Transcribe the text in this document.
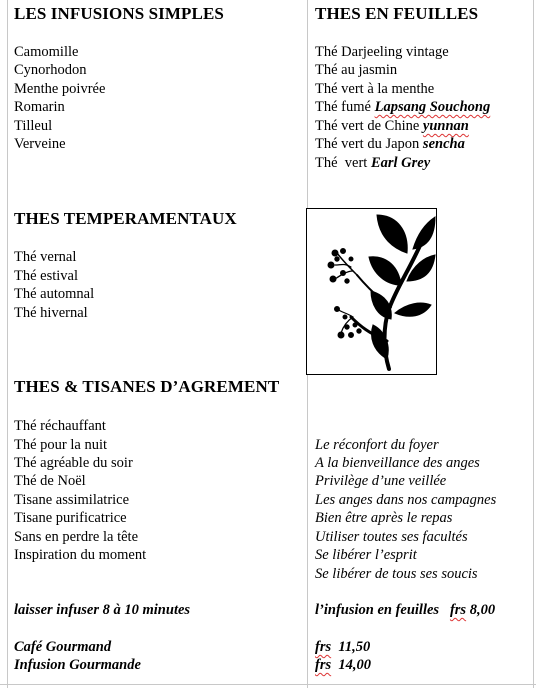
LES INFUSIONS SIMPLES
Camomille
Cynorhodon
Menthe poivrée
Romarin
Tilleul
Verveine
THES TEMPERAMENTAUX
Thé vernal
Thé estival
Thé automnal
Thé hivernal
THES & TISANES D’AGREMENT
Thé réchauffant
Thé pour la nuit
Thé agréable du soir
Thé de Noël
Tisane assimilatrice
Tisane purificatrice
Sans en perdre la tête
Inspiration du moment
laisser infuser 8 à 10 minutes
Café Gourmand
Infusion Gourmande
THES EN FEUILLES
Thé Darjeeling vintage
Thé au jasmin
Thé vert à la menthe
Thé fumé Lapsang Souchong
Thé vert de Chine yunnan
Thé vert du Japon sencha
Thé  vert Earl Grey
Le réconfort du foyer
A la bienveillance des anges
Privilège d’une veillée
Les anges dans nos campagnes
Bien être après le repas
Utiliser toutes ses facultés
Se libérer l’esprit
Se libérer de tous ses soucis
l’infusion en feuilles frs 8,00
frs 11,50
frs 14,00
